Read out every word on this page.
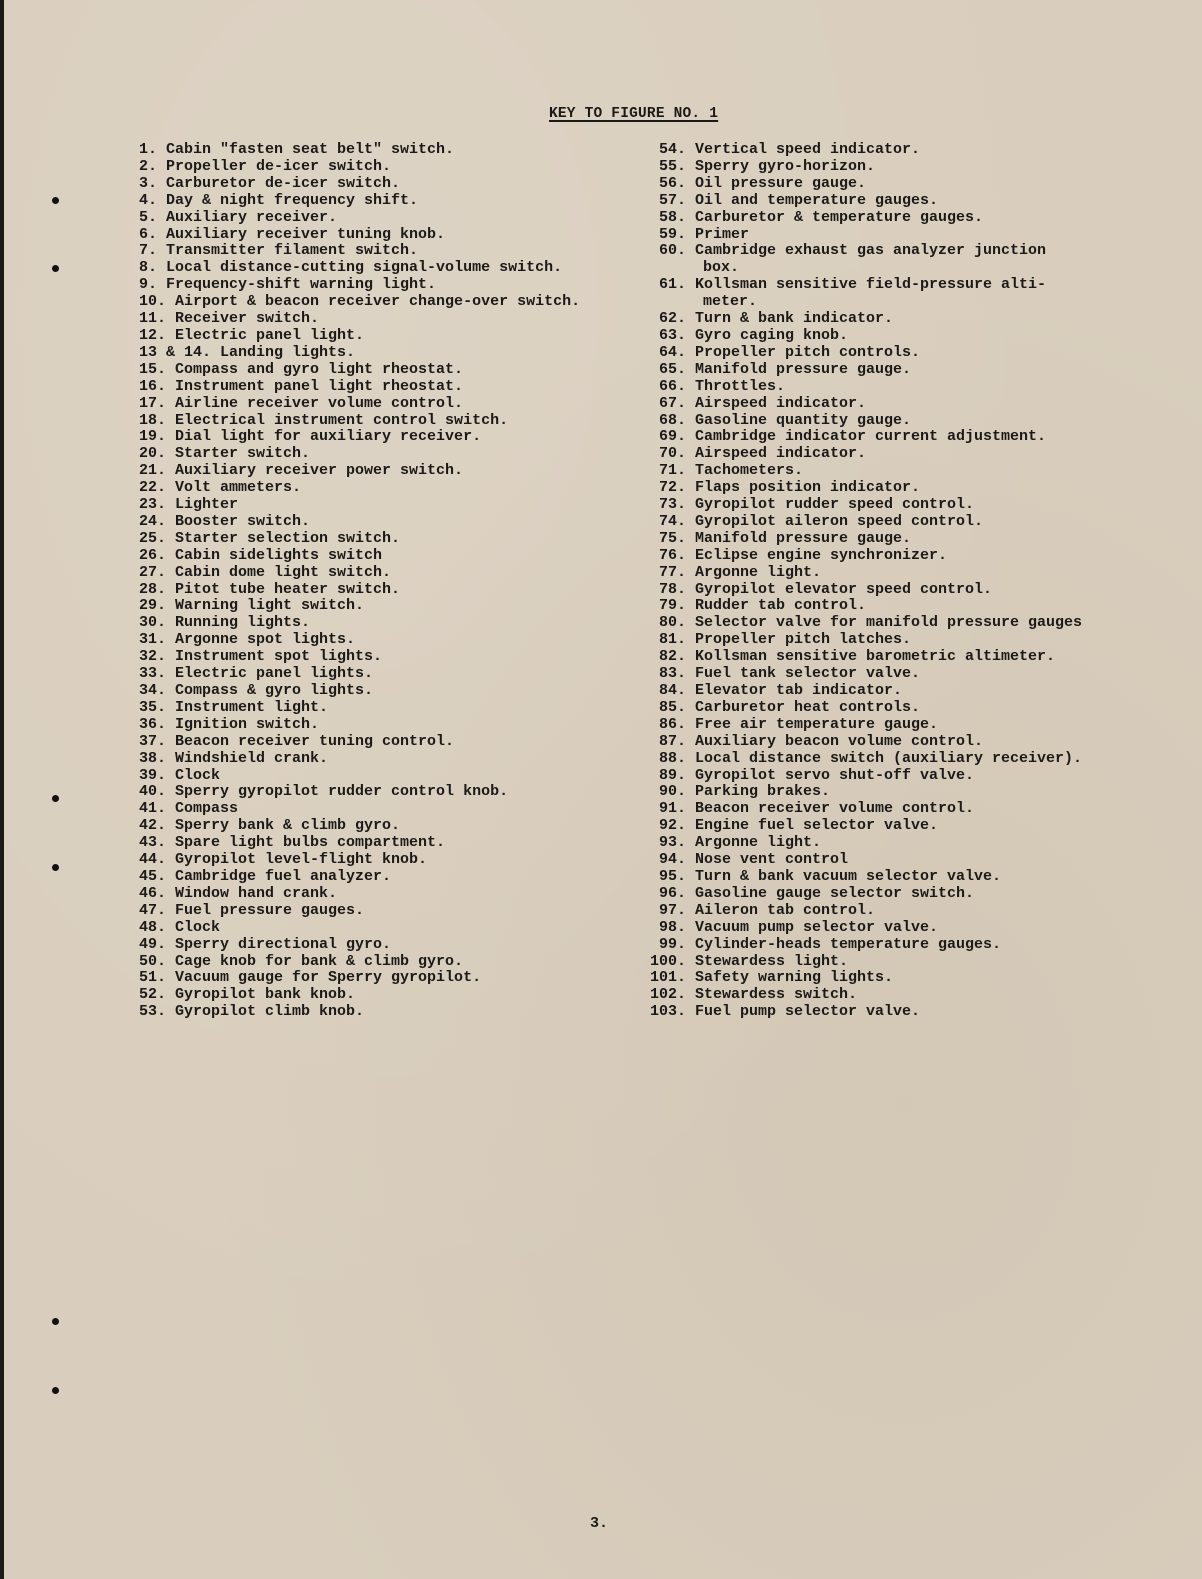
KEY TO FIGURE NO. 1
1. Cabin "fasten seat belt" switch.
2. Propeller de-icer switch.
3. Carburetor de-icer switch.
4. Day & night frequency shift.
5. Auxiliary receiver.
6. Auxiliary receiver tuning knob.
7. Transmitter filament switch.
8. Local distance-cutting signal-volume switch.
9. Frequency-shift warning light.
10. Airport & beacon receiver change-over switch.
11. Receiver switch.
12. Electric panel light.
13 & 14. Landing lights.
15. Compass and gyro light rheostat.
16. Instrument panel light rheostat.
17. Airline receiver volume control.
18. Electrical instrument control switch.
19. Dial light for auxiliary receiver.
20. Starter switch.
21. Auxiliary receiver power switch.
22. Volt ammeters.
23. Lighter
24. Booster switch.
25. Starter selection switch.
26. Cabin sidelights switch
27. Cabin dome light switch.
28. Pitot tube heater switch.
29. Warning light switch.
30. Running lights.
31. Argonne spot lights.
32. Instrument spot lights.
33. Electric panel lights.
34. Compass & gyro lights.
35. Instrument light.
36. Ignition switch.
37. Beacon receiver tuning control.
38. Windshield crank.
39. Clock
40. Sperry gyropilot rudder control knob.
41. Compass
42. Sperry bank & climb gyro.
43. Spare light bulbs compartment.
44. Gyropilot level-flight knob.
45. Cambridge fuel analyzer.
46. Window hand crank.
47. Fuel pressure gauges.
48. Clock
49. Sperry directional gyro.
50. Cage knob for bank & climb gyro.
51. Vacuum gauge for Sperry gyropilot.
52. Gyropilot bank knob.
53. Gyropilot climb knob.
54. Vertical speed indicator.
55. Sperry gyro-horizon.
56. Oil pressure gauge.
57. Oil and temperature gauges.
58. Carburetor & temperature gauges.
59. Primer
60. Cambridge exhaust gas analyzer junction
box.
61. Kollsman sensitive field-pressure alti-
meter.
62. Turn & bank indicator.
63. Gyro caging knob.
64. Propeller pitch controls.
65. Manifold pressure gauge.
66. Throttles.
67. Airspeed indicator.
68. Gasoline quantity gauge.
69. Cambridge indicator current adjustment.
70. Airspeed indicator.
71. Tachometers.
72. Flaps position indicator.
73. Gyropilot rudder speed control.
74. Gyropilot aileron speed control.
75. Manifold pressure gauge.
76. Eclipse engine synchronizer.
77. Argonne light.
78. Gyropilot elevator speed control.
79. Rudder tab control.
80. Selector valve for manifold pressure gauges
81. Propeller pitch latches.
82. Kollsman sensitive barometric altimeter.
83. Fuel tank selector valve.
84. Elevator tab indicator.
85. Carburetor heat controls.
86. Free air temperature gauge.
87. Auxiliary beacon volume control.
88. Local distance switch (auxiliary receiver).
89. Gyropilot servo shut-off valve.
90. Parking brakes.
91. Beacon receiver volume control.
92. Engine fuel selector valve.
93. Argonne light.
94. Nose vent control
95. Turn & bank vacuum selector valve.
96. Gasoline gauge selector switch.
97. Aileron tab control.
98. Vacuum pump selector valve.
99. Cylinder-heads temperature gauges.
100. Stewardess light.
101. Safety warning lights.
102. Stewardess switch.
103. Fuel pump selector valve.
3.
